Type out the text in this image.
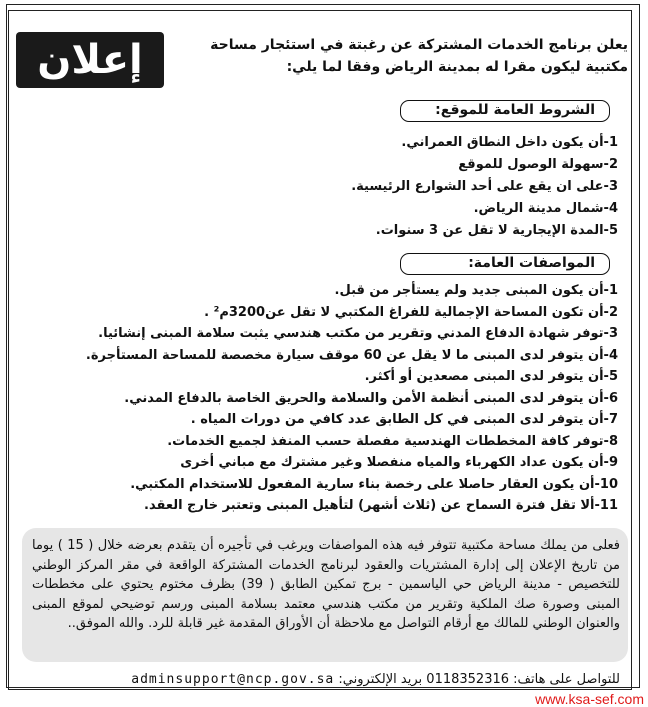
إعلان	يعلن برنامج الخدمات المشتركة عن رغبتة في استئجار مساحة
مكتبية ليكون مقرا له بمدينة الرياض وفقا لما يلي:
الشروط العامة للموقع:
1-أن يكون داخل النطاق العمراني.
2-سهولة الوصول للموقع
3-على ان يقع على أحد الشوارع الرئيسية.
4-شمال مدينة الرياض.
5-المدة الإيجارية لا تقل عن 3 سنوات.
المواصفات العامة:
1-أن يكون المبنى جديد ولم يستأجر من قبل.
2-أن تكون المساحة الإجمالية للفراغ المكتبي لا تقل عن3200م² .
3-توفر شهادة الدفاع المدني وتقرير من مكتب هندسي يثبت سلامة المبنى إنشائيا.
4-أن يتوفر لدى المبنى ما لا يقل عن 60 موقف سيارة مخصصة للمساحة المستأجرة.
5-أن يتوفر لدى المبنى مصعدين أو أكثر.
6-أن يتوفر لدى المبنى أنظمة الأمن والسلامة والحريق الخاصة بالدفاع المدني.
7-أن يتوفر لدى المبنى في كل الطابق عدد كافي من دورات المياه .
8-توفر كافة المخططات الهندسية مفصلة حسب المنفذ لجميع الخدمات.
9-أن يكون عداد الكهرباء والمياه منفصلا وغير مشترك مع مباني أخرى
10-أن يكون العقار حاصلا على رخصة بناء سارية المفعول للاستخدام المكتبي.
11-ألا تقل فترة السماح عن (ثلاث أشهر) لتأهيل المبنى وتعتبر خارج العقد.
فعلى من يملك مساحة مكتبية تتوفر فيه هذه المواصفات ويرغب في تأجيره أن يتقدم بعرضه خلال ( 15 ) يوما من تاريخ الإعلان إلى إدارة المشتريات والعقود لبرنامج الخدمات المشتركة الواقعة في مقر المركز الوطني للتخصيص - مدينة الرياض حي الياسمين - برج تمكين الطابق ( 39) بظرف مختوم يحتوي على مخططات المبنى وصورة صك الملكية وتقرير من مكتب هندسي معتمد بسلامة المبنى ورسم توضيحي لموقع المبنى والعنوان الوطني للمالك مع أرقام التواصل مع ملاحظة أن الأوراق المقدمة غير قابلة للرد. والله الموفق..
للتواصل على هاتف: 0118352316 بريد الإلكتروني: adminsupport@ncp.gov.sa
www.ksa-sef.com
